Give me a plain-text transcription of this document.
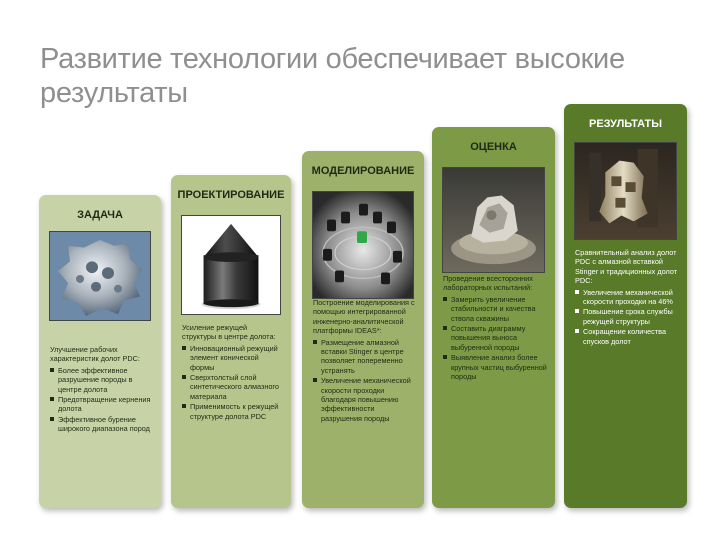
Развитие технологии обеспечивает высокие результаты
ЗАДАЧА
Улучшение рабочих характеристик долот PDC:
Более эффективное разрушение породы в центре долота
Предотвращение кернения долота
Эффективное бурение широкого диапазона пород
ПРОЕКТИРОВАНИЕ
Усиление режущей структуры в центре долота:
Инновационный режущий элемент конической формы
Сверхтолстый слой синтетического алмазного материала
Применимость к режущей структуре долота PDC
МОДЕЛИРОВАНИЕ
Построение моделирования с помощью интегрированной инженерно-аналитической платформы IDEAS*:
Размещение алмазной вставки Stinger в центре позволяет попеременно устранять
Увеличение механической скорости проходки благодаря повышению эффективности разрушения породы
ОЦЕНКА
Проведение всесторонних лабораторных испытаний:
Замерить увеличение стабильности и качества ствола скважины
Составить диаграмму повышения выноса выбуренной породы
Выявление анализ более крупных частиц выбуренной породы
РЕЗУЛЬТАТЫ
Сравнительный анализ долот PDC с алмазной вставкой Stinger и традиционных долот PDC:
Увеличение механической скорости проходки на 46%
Повышение срока службы режущей структуры
Сокращение количества спусков долот
